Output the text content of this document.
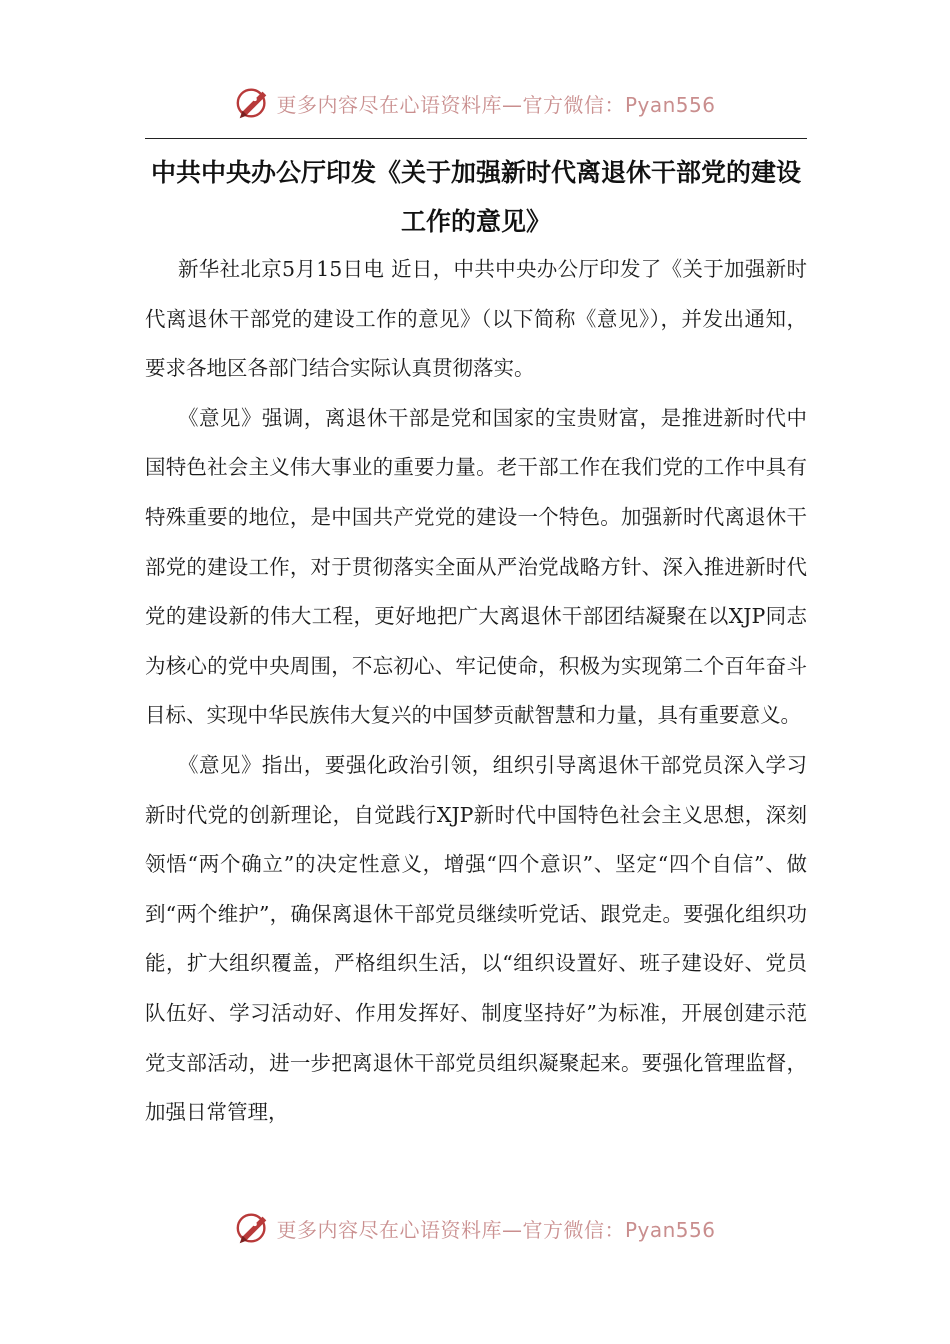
更多内容尽在心语资料库—官方微信：Pyan556
中共中央办公厅印发《关于加强新时代离退休干部党的建设工作的意见》

新华社北京5月15日电 近日，中共中央办公厅印发了《关于加强新时代离退休干部党的建设工作的意见》（以下简称《意见》），并发出通知，要求各地区各部门结合实际认真贯彻落实。

《意见》强调，离退休干部是党和国家的宝贵财富，是推进新时代中国特色社会主义伟大事业的重要力量。老干部工作在我们党的工作中具有特殊重要的地位，是中国共产党党的建设一个特色。加强新时代离退休干部党的建设工作，对于贯彻落实全面从严治党战略方针、深入推进新时代党的建设新的伟大工程，更好地把广大离退休干部团结凝聚在以XJP同志为核心的党中央周围，不忘初心、牢记使命，积极为实现第二个百年奋斗目标、实现中华民族伟大复兴的中国梦贡献智慧和力量，具有重要意义。

《意见》指出，要强化政治引领，组织引导离退休干部党员深入学习新时代党的创新理论，自觉践行XJP新时代中国特色社会主义思想，深刻领悟“两个确立”的决定性意义，增强“四个意识”、坚定“四个自信”、做到“两个维护”，确保离退休干部党员继续听党话、跟党走。要强化组织功能，扩大组织覆盖，严格组织生活，以“组织设置好、班子建设好、党员队伍好、学习活动好、作用发挥好、制度坚持好”为标准，开展创建示范党支部活动，进一步把离退休干部党员组织凝聚起来。要强化管理监督，加强日常管理，

更多内容尽在心语资料库—官方微信：Pyan556
